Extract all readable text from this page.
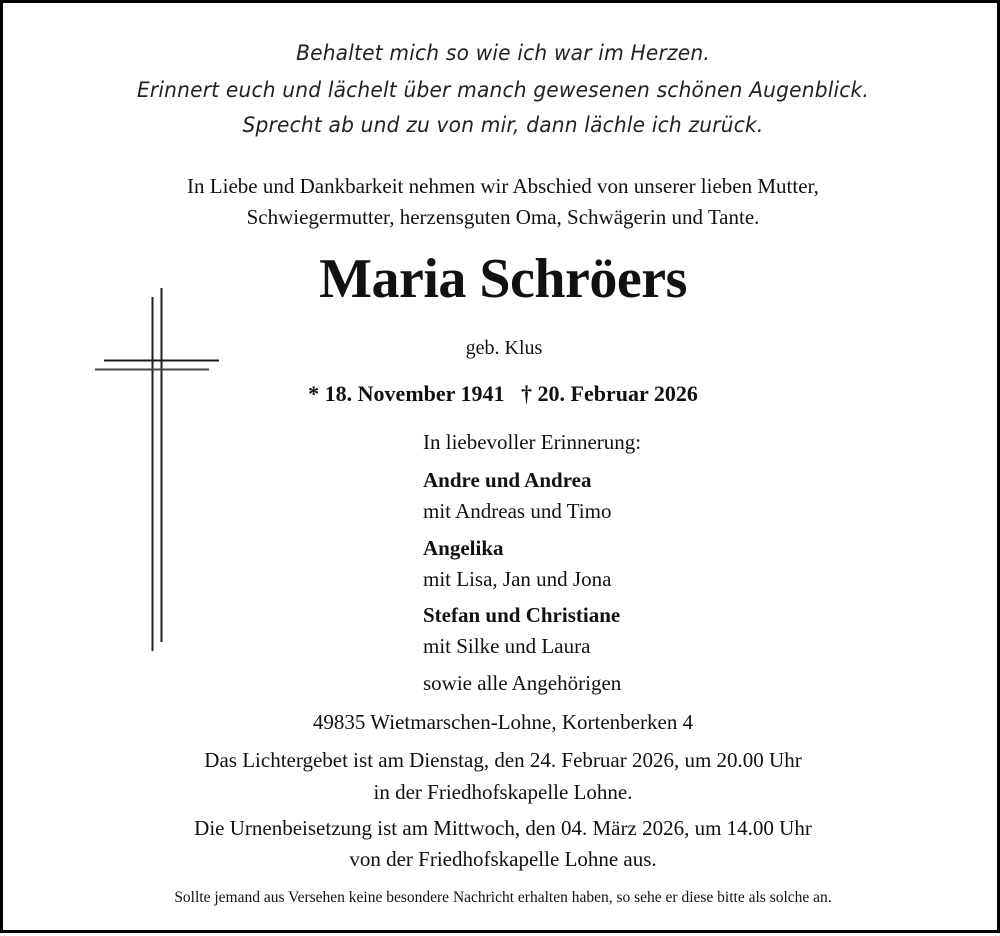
Behaltet mich so wie ich war im Herzen.
Erinnert euch und lächelt über manch gewesenen schönen Augenblick.
Sprecht ab und zu von mir, dann lächle ich zurück.
In Liebe und Dankbarkeit nehmen wir Abschied von unserer lieben Mutter,
Schwiegermutter, herzensguten Oma, Schwägerin und Tante.
Maria Schröers
geb. Klus
* 18. November 1941   † 20. Februar 2026
In liebevoller Erinnerung:
Andre und Andrea
mit Andreas und Timo
Angelika
mit Lisa, Jan und Jona
Stefan und Christiane
mit Silke und Laura
sowie alle Angehörigen
49835 Wietmarschen-Lohne, Kortenberken 4
Das Lichtergebet ist am Dienstag, den 24. Februar 2026, um 20.00 Uhr
in der Friedhofskapelle Lohne.
Die Urnenbeisetzung ist am Mittwoch, den 04. März 2026, um 14.00 Uhr
von der Friedhofskapelle Lohne aus.
Sollte jemand aus Versehen keine besondere Nachricht erhalten haben, so sehe er diese bitte als solche an.
